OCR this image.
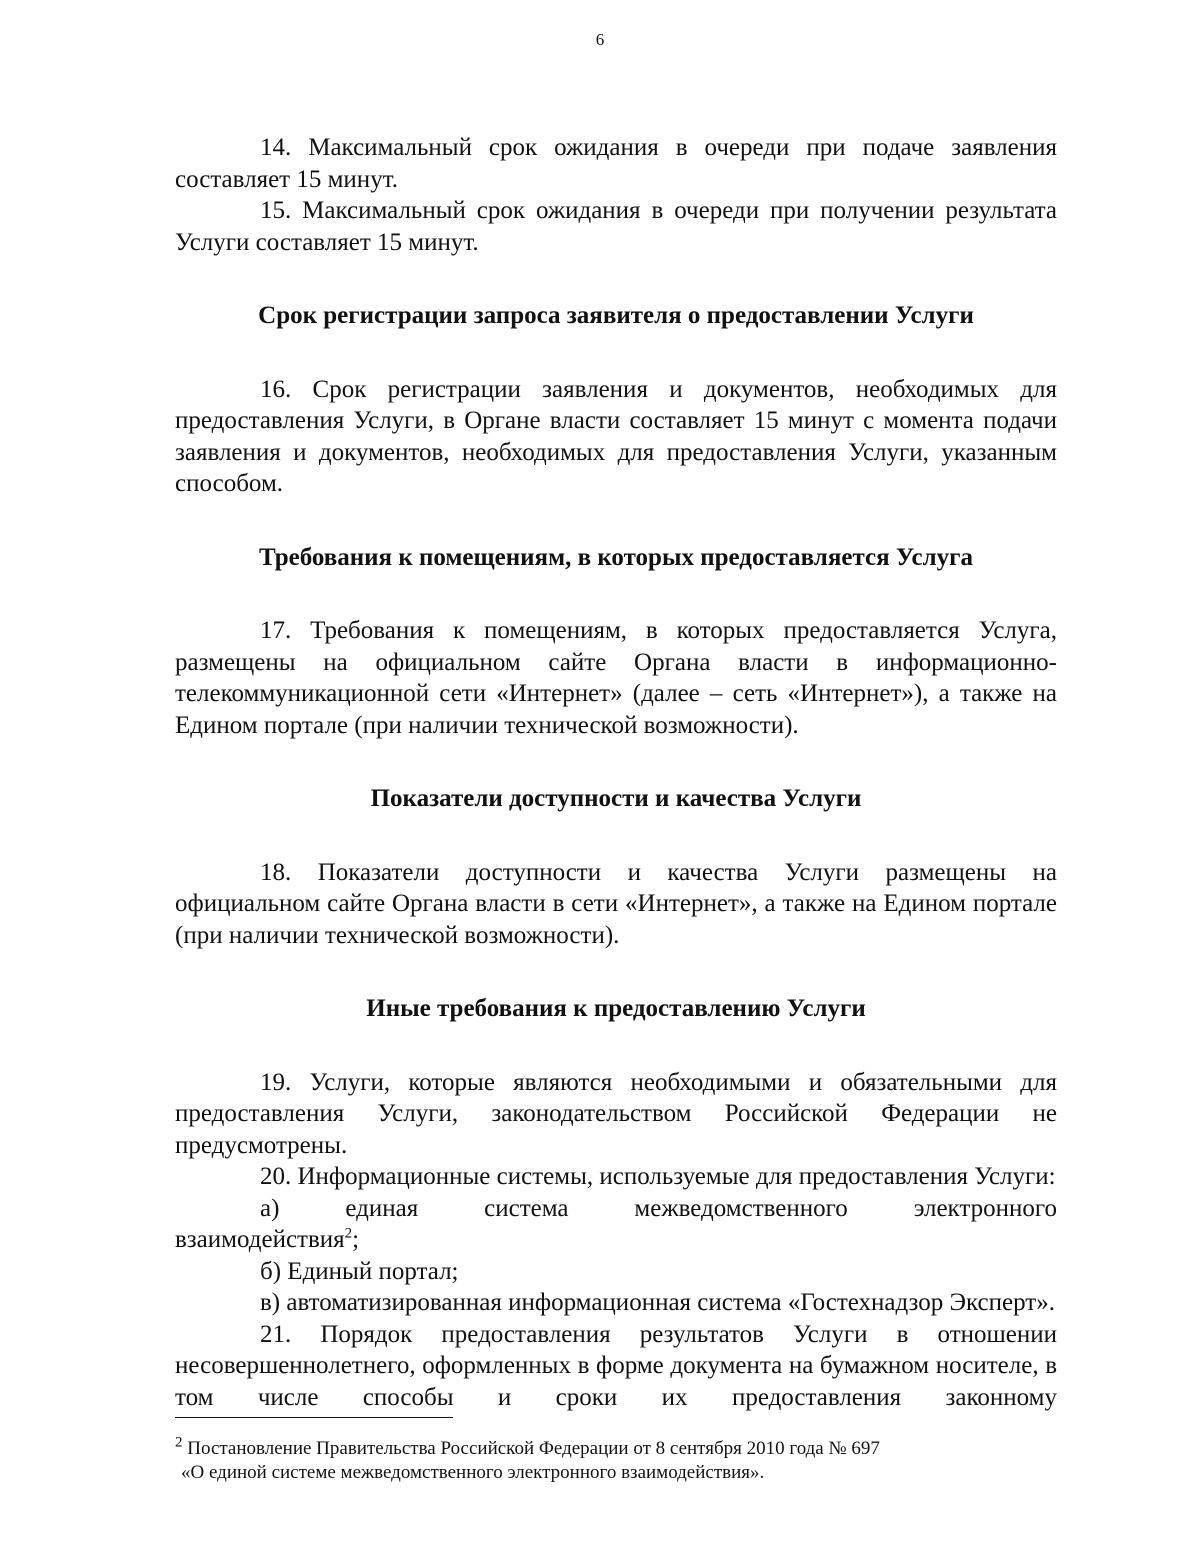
6

14. Максимальный срок ожидания в очереди при подаче заявления составляет 15 минут.

15. Максимальный срок ожидания в очереди при получении результата Услуги составляет 15 минут.

Срок регистрации запроса заявителя о предоставлении Услуги

16. Срок регистрации заявления и документов, необходимых для предоставления Услуги, в Органе власти составляет 15 минут с момента подачи заявления и документов, необходимых для предоставления Услуги, указанным способом.

Требования к помещениям, в которых предоставляется Услуга

17. Требования к помещениям, в которых предоставляется Услуга, размещены на официальном сайте Органа власти в информационно-телекоммуникационной сети «Интернет» (далее – сеть «Интернет»), а также на Едином портале (при наличии технической возможности).

Показатели доступности и качества Услуги

18. Показатели доступности и качества Услуги размещены на официальном сайте Органа власти в сети «Интернет», а также на Едином портале (при наличии технической возможности).

Иные требования к предоставлению Услуги

19. Услуги, которые являются необходимыми и обязательными для предоставления Услуги, законодательством Российской Федерации не предусмотрены.

20. Информационные системы, используемые для предоставления Услуги:

а)	единая	система	межведомственного	электронного
взаимодействия$^2$;
б) Единый портал;

в) автоматизированная информационная система «Гостехнадзор Эксперт».

21. Порядок предоставления результатов Услуги в отношении несовершеннолетнего, оформленных в форме документа на бумажном носителе, в том числе способы и сроки их предоставления законному

$^2$ Постановление Правительства Российской Федерации от 8 сентября 2010 года № 697
«О единой системе межведомственного электронного взаимодействия».
